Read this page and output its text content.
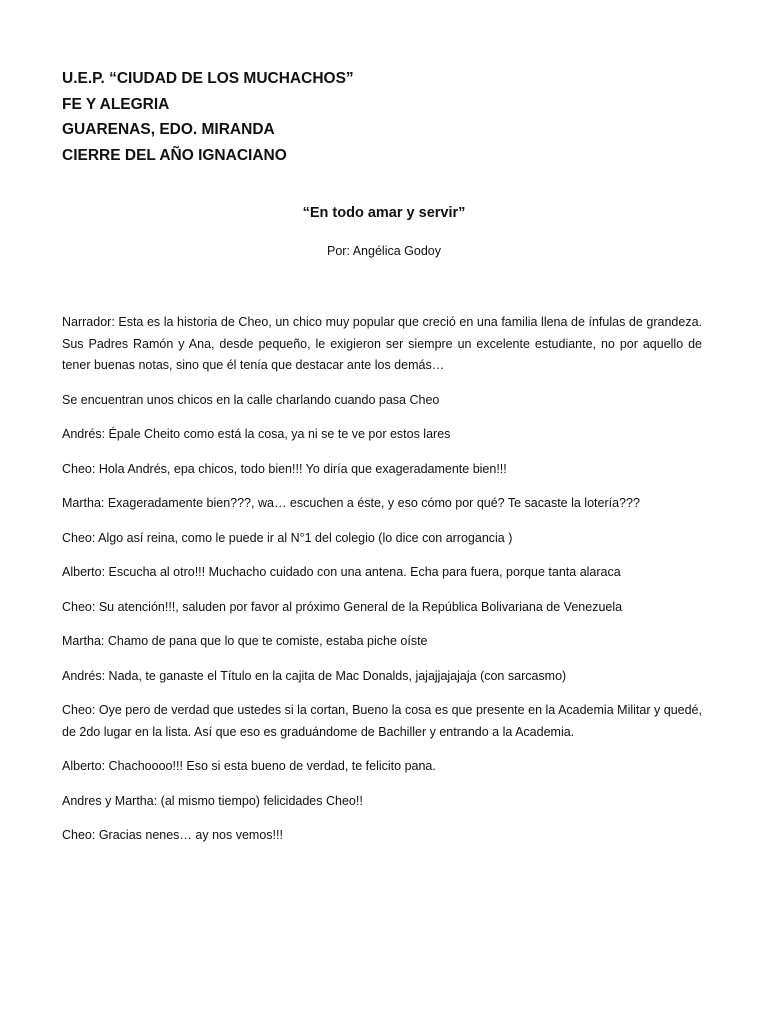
U.E.P. “CIUDAD DE LOS MUCHACHOS”
FE Y ALEGRIA
GUARENAS, EDO. MIRANDA
CIERRE DEL AÑO IGNACIANO
“En todo amar y servir”
Por: Angélica Godoy

Narrador: Esta es la historia de Cheo, un chico muy popular que creció en una familia llena de ínfulas de grandeza. Sus Padres Ramón y Ana, desde pequeño, le exigieron ser siempre un excelente estudiante, no por aquello de tener buenas notas, sino que él tenía que destacar ante los demás…

Se encuentran unos chicos en la calle charlando cuando pasa Cheo

Andrés: Épale Cheito como está la cosa, ya ni se te ve por estos lares

Cheo: Hola Andrés, epa chicos, todo bien!!! Yo diría que exageradamente bien!!!

Martha: Exageradamente bien???, wa… escuchen a éste, y eso cómo por qué? Te sacaste la lotería???

Cheo: Algo así reina, como le puede ir al N°1 del colegio (lo dice con arrogancia )

Alberto: Escucha al otro!!! Muchacho cuidado con una antena. Echa para fuera, porque tanta alaraca

Cheo: Su atención!!!, saluden por favor al próximo General de la República Bolivariana de Venezuela

Martha: Chamo de pana que lo que te comiste, estaba piche oíste

Andrés: Nada, te ganaste el Título en la cajita de Mac Donalds, jajajjajajaja (con sarcasmo)

Cheo: Oye pero de verdad que ustedes si la cortan, Bueno la cosa es que presente en la Academia Militar y quedé, de 2do lugar en la lista. Así que eso es graduándome de Bachiller y entrando a la Academia.

Alberto: Chachoooo!!! Eso si esta bueno de verdad, te felicito pana.

Andres y Martha: (al mismo tiempo) felicidades Cheo!!

Cheo: Gracias nenes… ay nos vemos!!!
